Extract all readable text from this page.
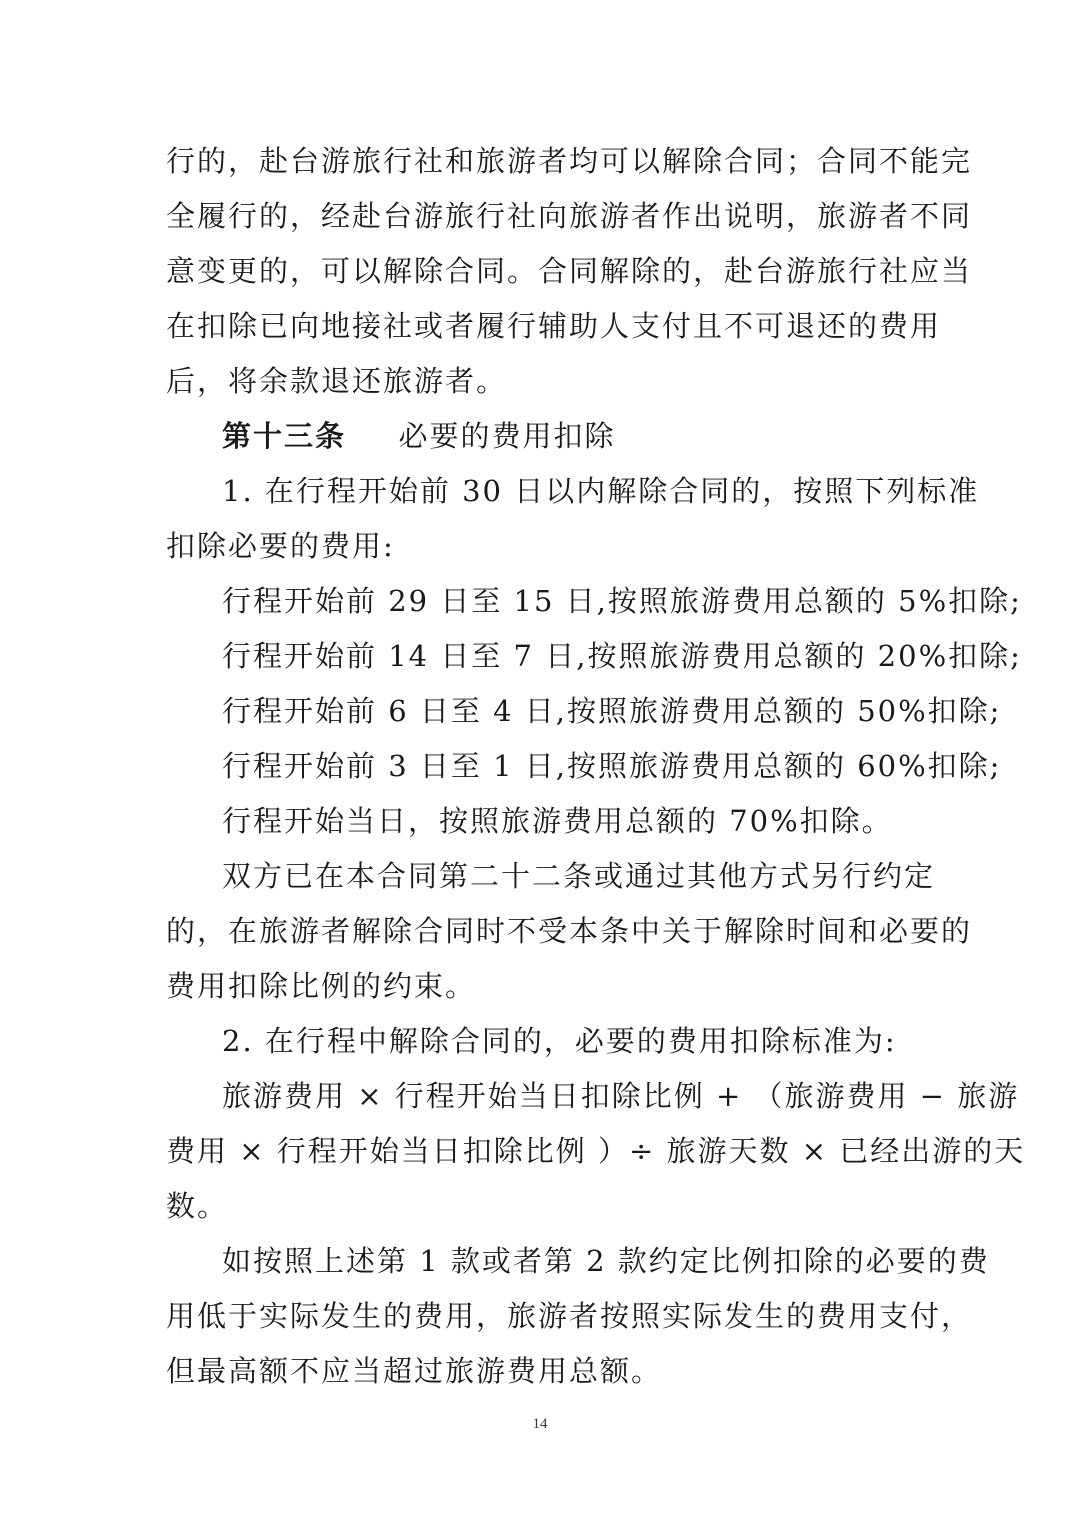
行的，赴台游旅行社和旅游者均可以解除合同；合同不能完
全履行的，经赴台游旅行社向旅游者作出说明，旅游者不同
意变更的，可以解除合同。合同解除的，赴台游旅行社应当
在扣除已向地接社或者履行辅助人支付且不可退还的费用
后，将余款退还旅游者。
第十三条 必要的费用扣除
1. 在行程开始前 30 日以内解除合同的，按照下列标准
扣除必要的费用:
行程开始前 29 日至 15 日,按照旅游费用总额的 5%扣除;
行程开始前 14 日至 7 日,按照旅游费用总额的 20%扣除;
行程开始前 6 日至 4 日,按照旅游费用总额的 50%扣除;
行程开始前 3 日至 1 日,按照旅游费用总额的 60%扣除;
行程开始当日，按照旅游费用总额的 70%扣除。
双方已在本合同第二十二条或通过其他方式另行约定
的，在旅游者解除合同时不受本条中关于解除时间和必要的
费用扣除比例的约束。
2. 在行程中解除合同的，必要的费用扣除标准为:
旅游费用 × 行程开始当日扣除比例 + （旅游费用 − 旅游
费用 × 行程开始当日扣除比例 ）÷ 旅游天数 × 已经出游的天
数。
如按照上述第 1 款或者第 2 款约定比例扣除的必要的费
用低于实际发生的费用，旅游者按照实际发生的费用支付，
但最高额不应当超过旅游费用总额。
14
